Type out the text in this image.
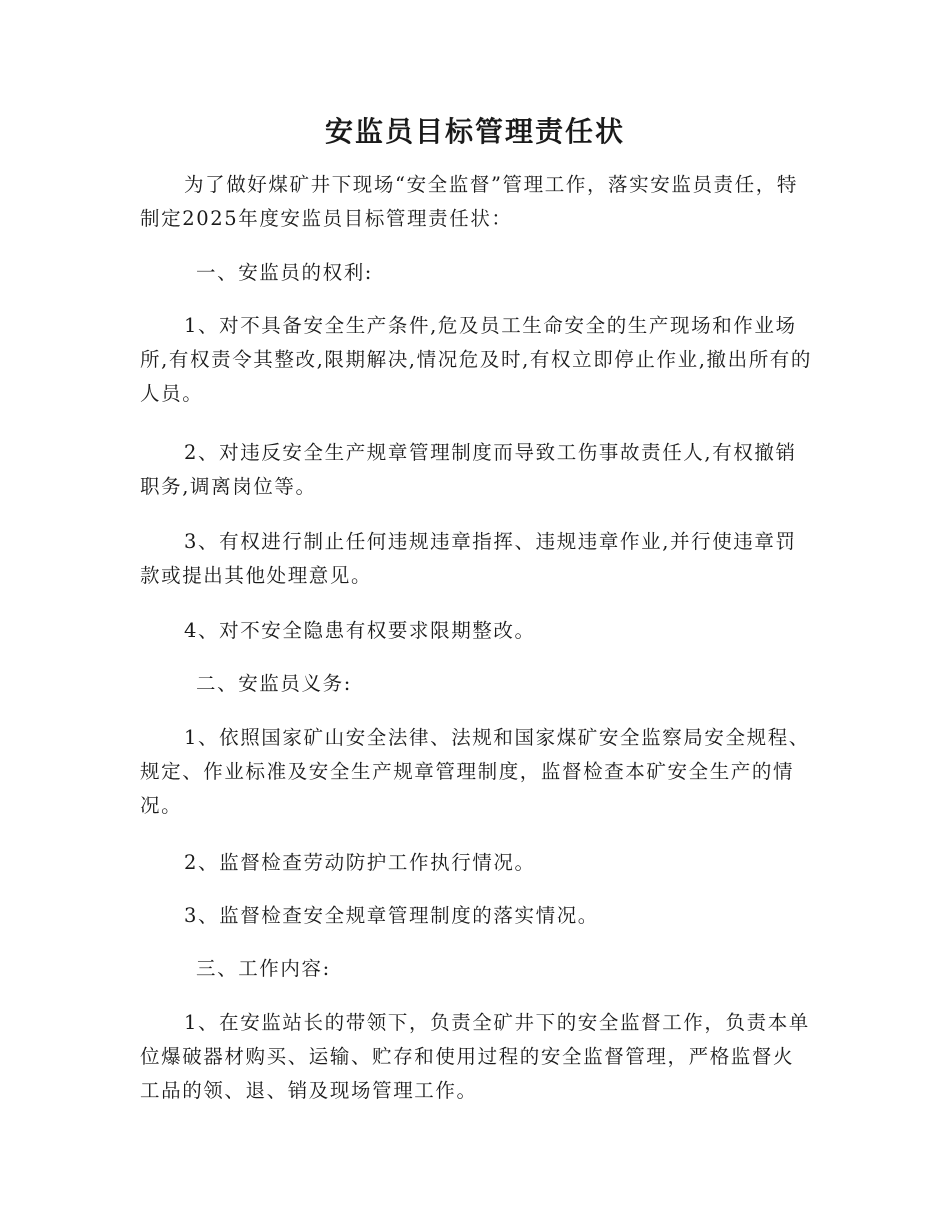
安监员目标管理责任状

为了做好煤矿井下现场“安全监督”管理工作，落实安监员责任，特制定2025年度安监员目标管理责任状：

一、安监员的权利:

1、对不具备安全生产条件,危及员工生命安全的生产现场和作业场所,有权责令其整改,限期解决,情况危及时,有权立即停止作业,撤出所有的人员。

2、对违反安全生产规章管理制度而导致工伤事故责任人,有权撤销职务,调离岗位等。

3、有权进行制止任何违规违章指挥、违规违章作业,并行使违章罚款或提出其他处理意见。

4、对不安全隐患有权要求限期整改。

二、安监员义务:

1、依照国家矿山安全法律、法规和国家煤矿安全监察局安全规程、规定、作业标准及安全生产规章管理制度，监督检查本矿安全生产的情况。

2、监督检查劳动防护工作执行情况。

3、监督检查安全规章管理制度的落实情况。

三、工作内容:

1、在安监站长的带领下，负责全矿井下的安全监督工作，负责本单位爆破器材购买、运输、贮存和使用过程的安全监督管理，严格监督火工品的领、退、销及现场管理工作。
